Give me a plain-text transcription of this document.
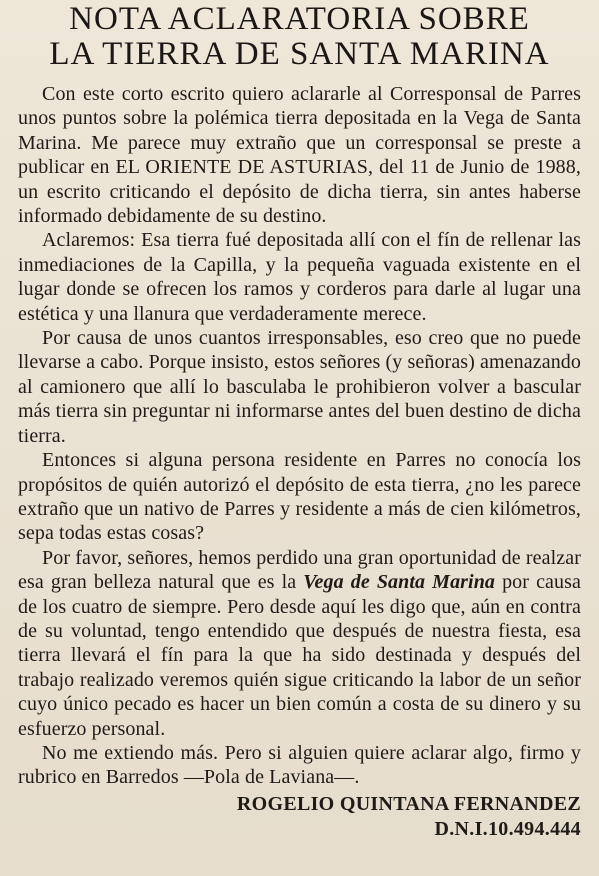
NOTA ACLARATORIA SOBRE
LA TIERRA DE SANTA MARINA

Con este corto escrito quiero aclararle al Corresponsal de Parres unos puntos sobre la polémica tierra depositada en la Vega de Santa Marina. Me parece muy extraño que un corresponsal se preste a publicar en EL ORIENTE DE ASTURIAS, del 11 de Junio de 1988, un escrito criticando el depósito de dicha tierra, sin antes haberse informado debidamente de su destino.

Aclaremos: Esa tierra fué depositada allí con el fín de rellenar las inmediaciones de la Capilla, y la pequeña vaguada existente en el lugar donde se ofrecen los ramos y corderos para darle al lugar una estética y una llanura que verdaderamente merece.

Por causa de unos cuantos irresponsables, eso creo que no puede llevarse a cabo. Porque insisto, estos señores (y señoras) amenazando al camionero que allí lo basculaba le prohibieron volver a bascular más tierra sin preguntar ni informarse antes del buen destino de dicha tierra.

Entonces si alguna persona residente en Parres no conocía los propósitos de quién autorizó el depósito de esta tierra, ¿no les parece extraño que un nativo de Parres y residente a más de cien kilómetros, sepa todas estas cosas?

Por favor, señores, hemos perdido una gran oportunidad de realzar esa gran belleza natural que es la Vega de Santa Marina por causa de los cuatro de siempre. Pero desde aquí les digo que, aún en contra de su voluntad, tengo entendido que después de nuestra fiesta, esa tierra llevará el fín para la que ha sido destinada y después del trabajo realizado veremos quién sigue criticando la labor de un señor cuyo único pecado es hacer un bien común a costa de su dinero y su esfuerzo personal.

No me extiendo más. Pero si alguien quiere aclarar algo, firmo y rubrico en Barredos —Pola de Laviana—.

ROGELIO QUINTANA FERNANDEZ
D.N.I.10.494.444
